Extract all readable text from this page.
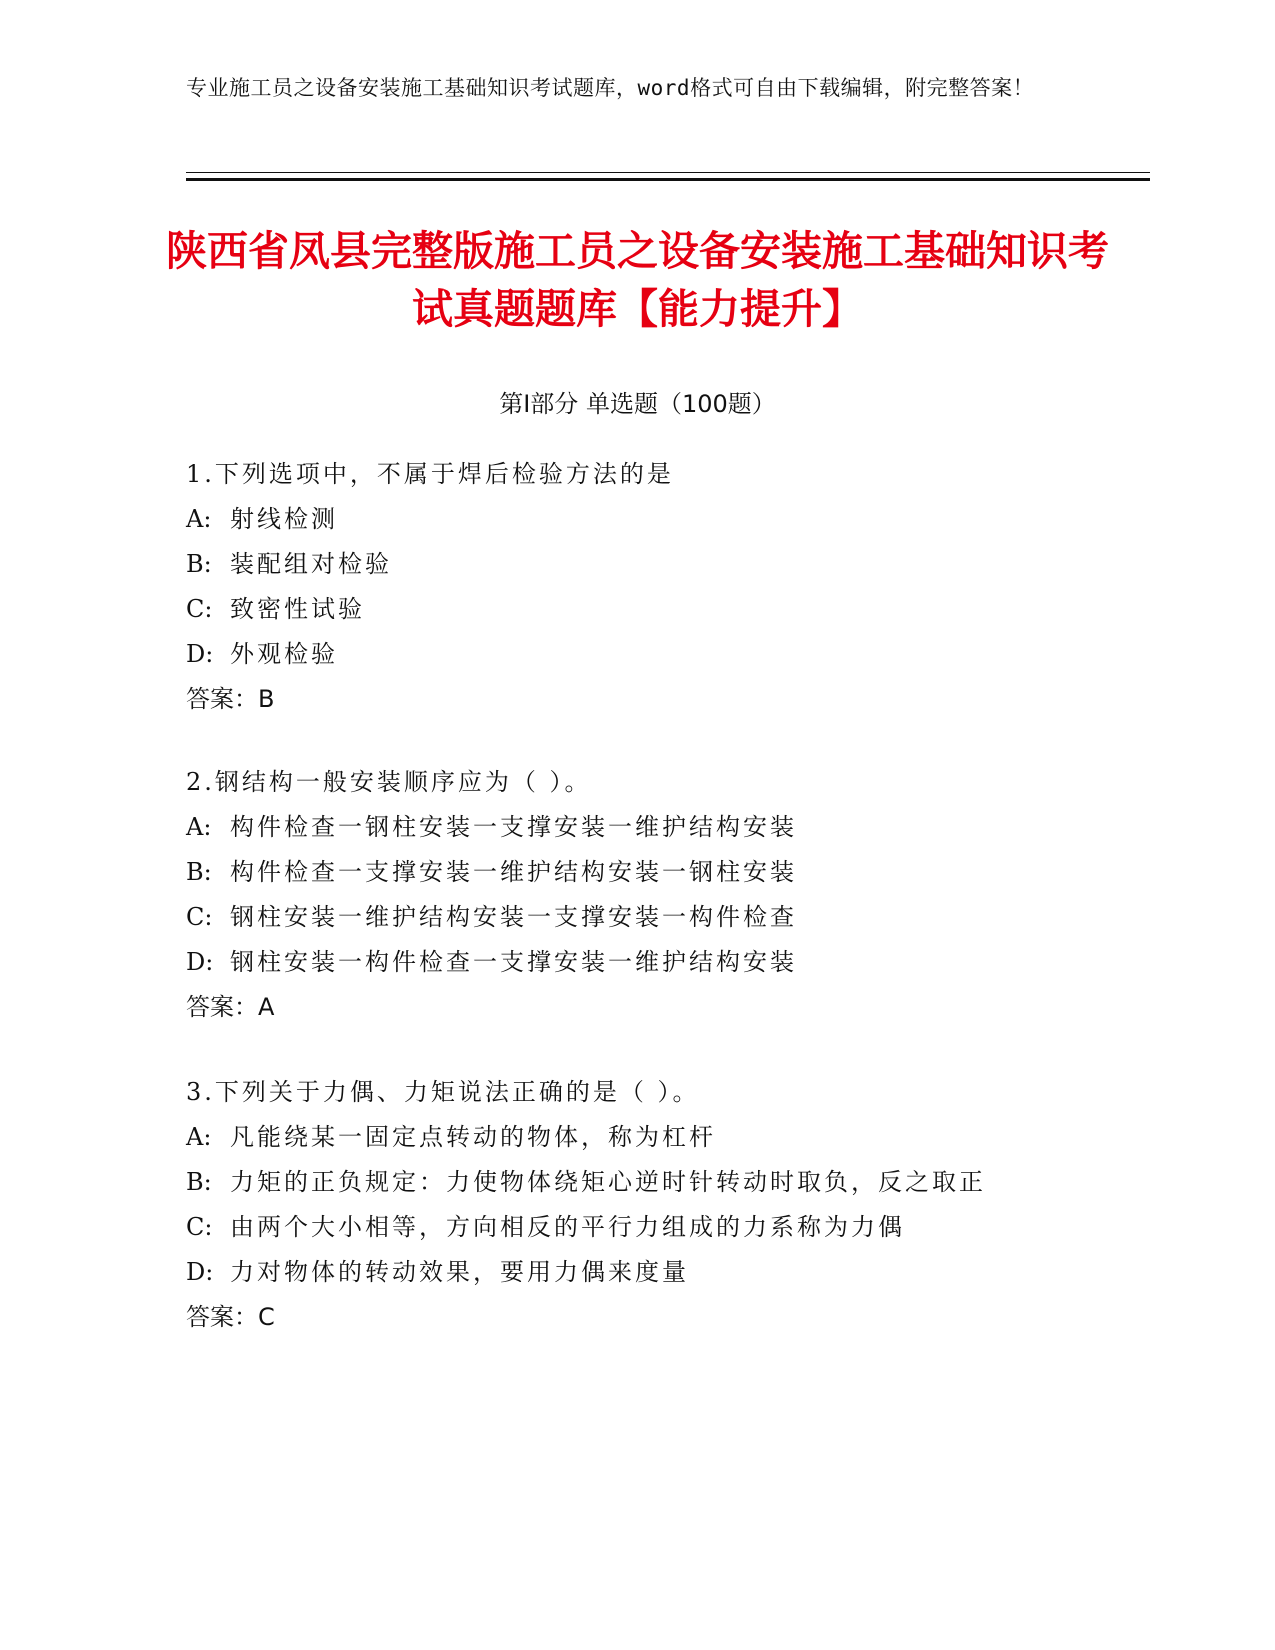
专业施工员之设备安装施工基础知识考试题库，word格式可自由下载编辑，附完整答案！
陕西省凤县完整版施工员之设备安装施工基础知识考试真题题库【能力提升】
第Ⅰ部分 单选题（100题）
1.下列选项中，不属于焊后检验方法的是
A: 射线检测
B: 装配组对检验
C: 致密性试验
D: 外观检验
答案：B
2.钢结构一般安装顺序应为（ ）。
A: 构件检查一钢柱安装一支撑安装一维护结构安装
B: 构件检查一支撑安装一维护结构安装一钢柱安装
C: 钢柱安装一维护结构安装一支撑安装一构件检查
D: 钢柱安装一构件检查一支撑安装一维护结构安装
答案：A
3.下列关于力偶、力矩说法正确的是（ ）。
A: 凡能绕某一固定点转动的物体，称为杠杆
B: 力矩的正负规定：力使物体绕矩心逆时针转动时取负，反之取正
C: 由两个大小相等，方向相反的平行力组成的力系称为力偶
D: 力对物体的转动效果，要用力偶来度量
答案：C
